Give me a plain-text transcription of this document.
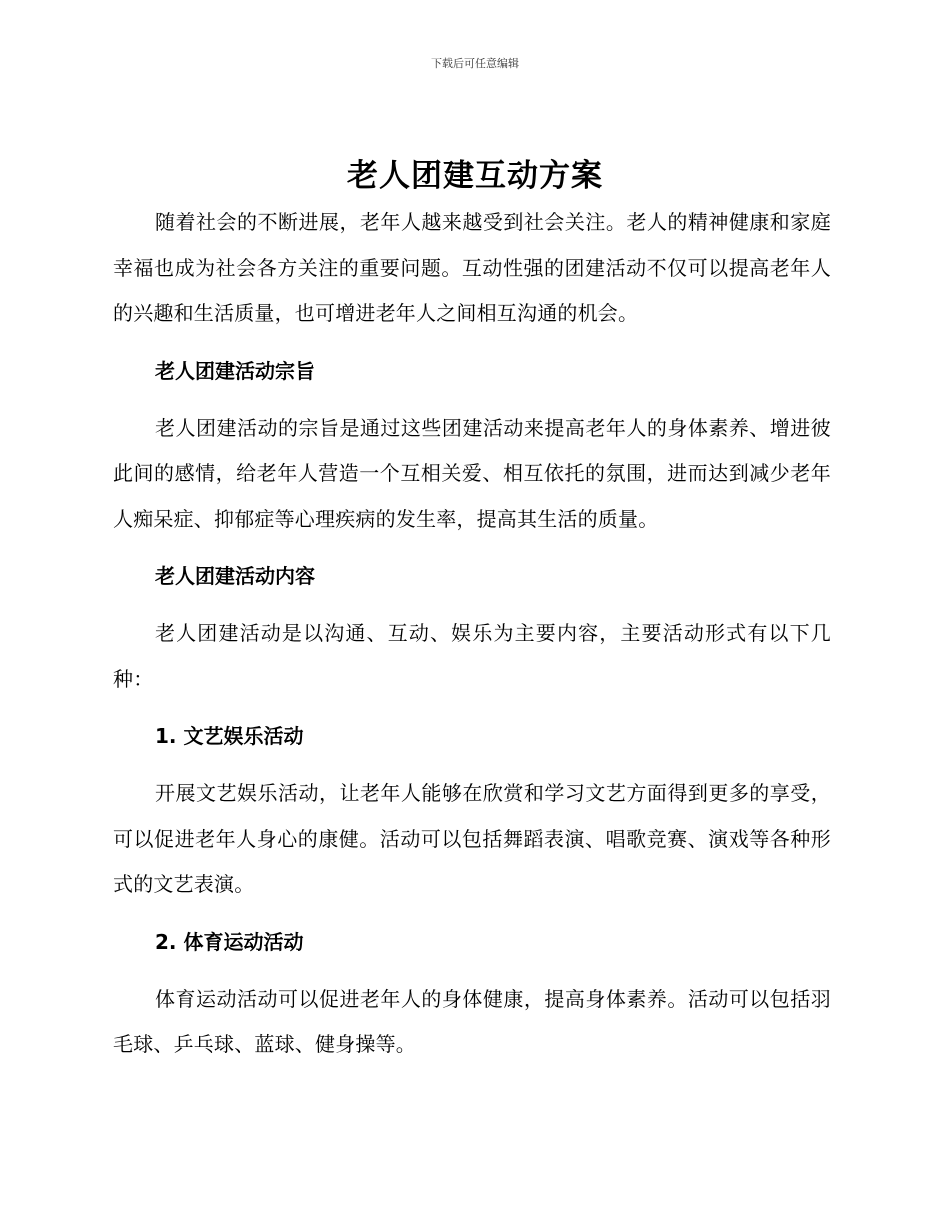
下载后可任意编辑
老人团建互动方案

随着社会的不断进展，老年人越来越受到社会关注。老人的精神健康和家庭幸福也成为社会各方关注的重要问题。互动性强的团建活动不仅可以提高老年人的兴趣和生活质量，也可增进老年人之间相互沟通的机会。

老人团建活动宗旨

老人团建活动的宗旨是通过这些团建活动来提高老年人的身体素养、增进彼此间的感情，给老年人营造一个互相关爱、相互依托的氛围，进而达到减少老年人痴呆症、抑郁症等心理疾病的发生率，提高其生活的质量。

老人团建活动内容

老人团建活动是以沟通、互动、娱乐为主要内容，主要活动形式有以下几种：

1. 文艺娱乐活动

开展文艺娱乐活动，让老年人能够在欣赏和学习文艺方面得到更多的享受，可以促进老年人身心的康健。活动可以包括舞蹈表演、唱歌竞赛、演戏等各种形式的文艺表演。

2. 体育运动活动

体育运动活动可以促进老年人的身体健康，提高身体素养。活动可以包括羽毛球、乒乓球、蓝球、健身操等。
